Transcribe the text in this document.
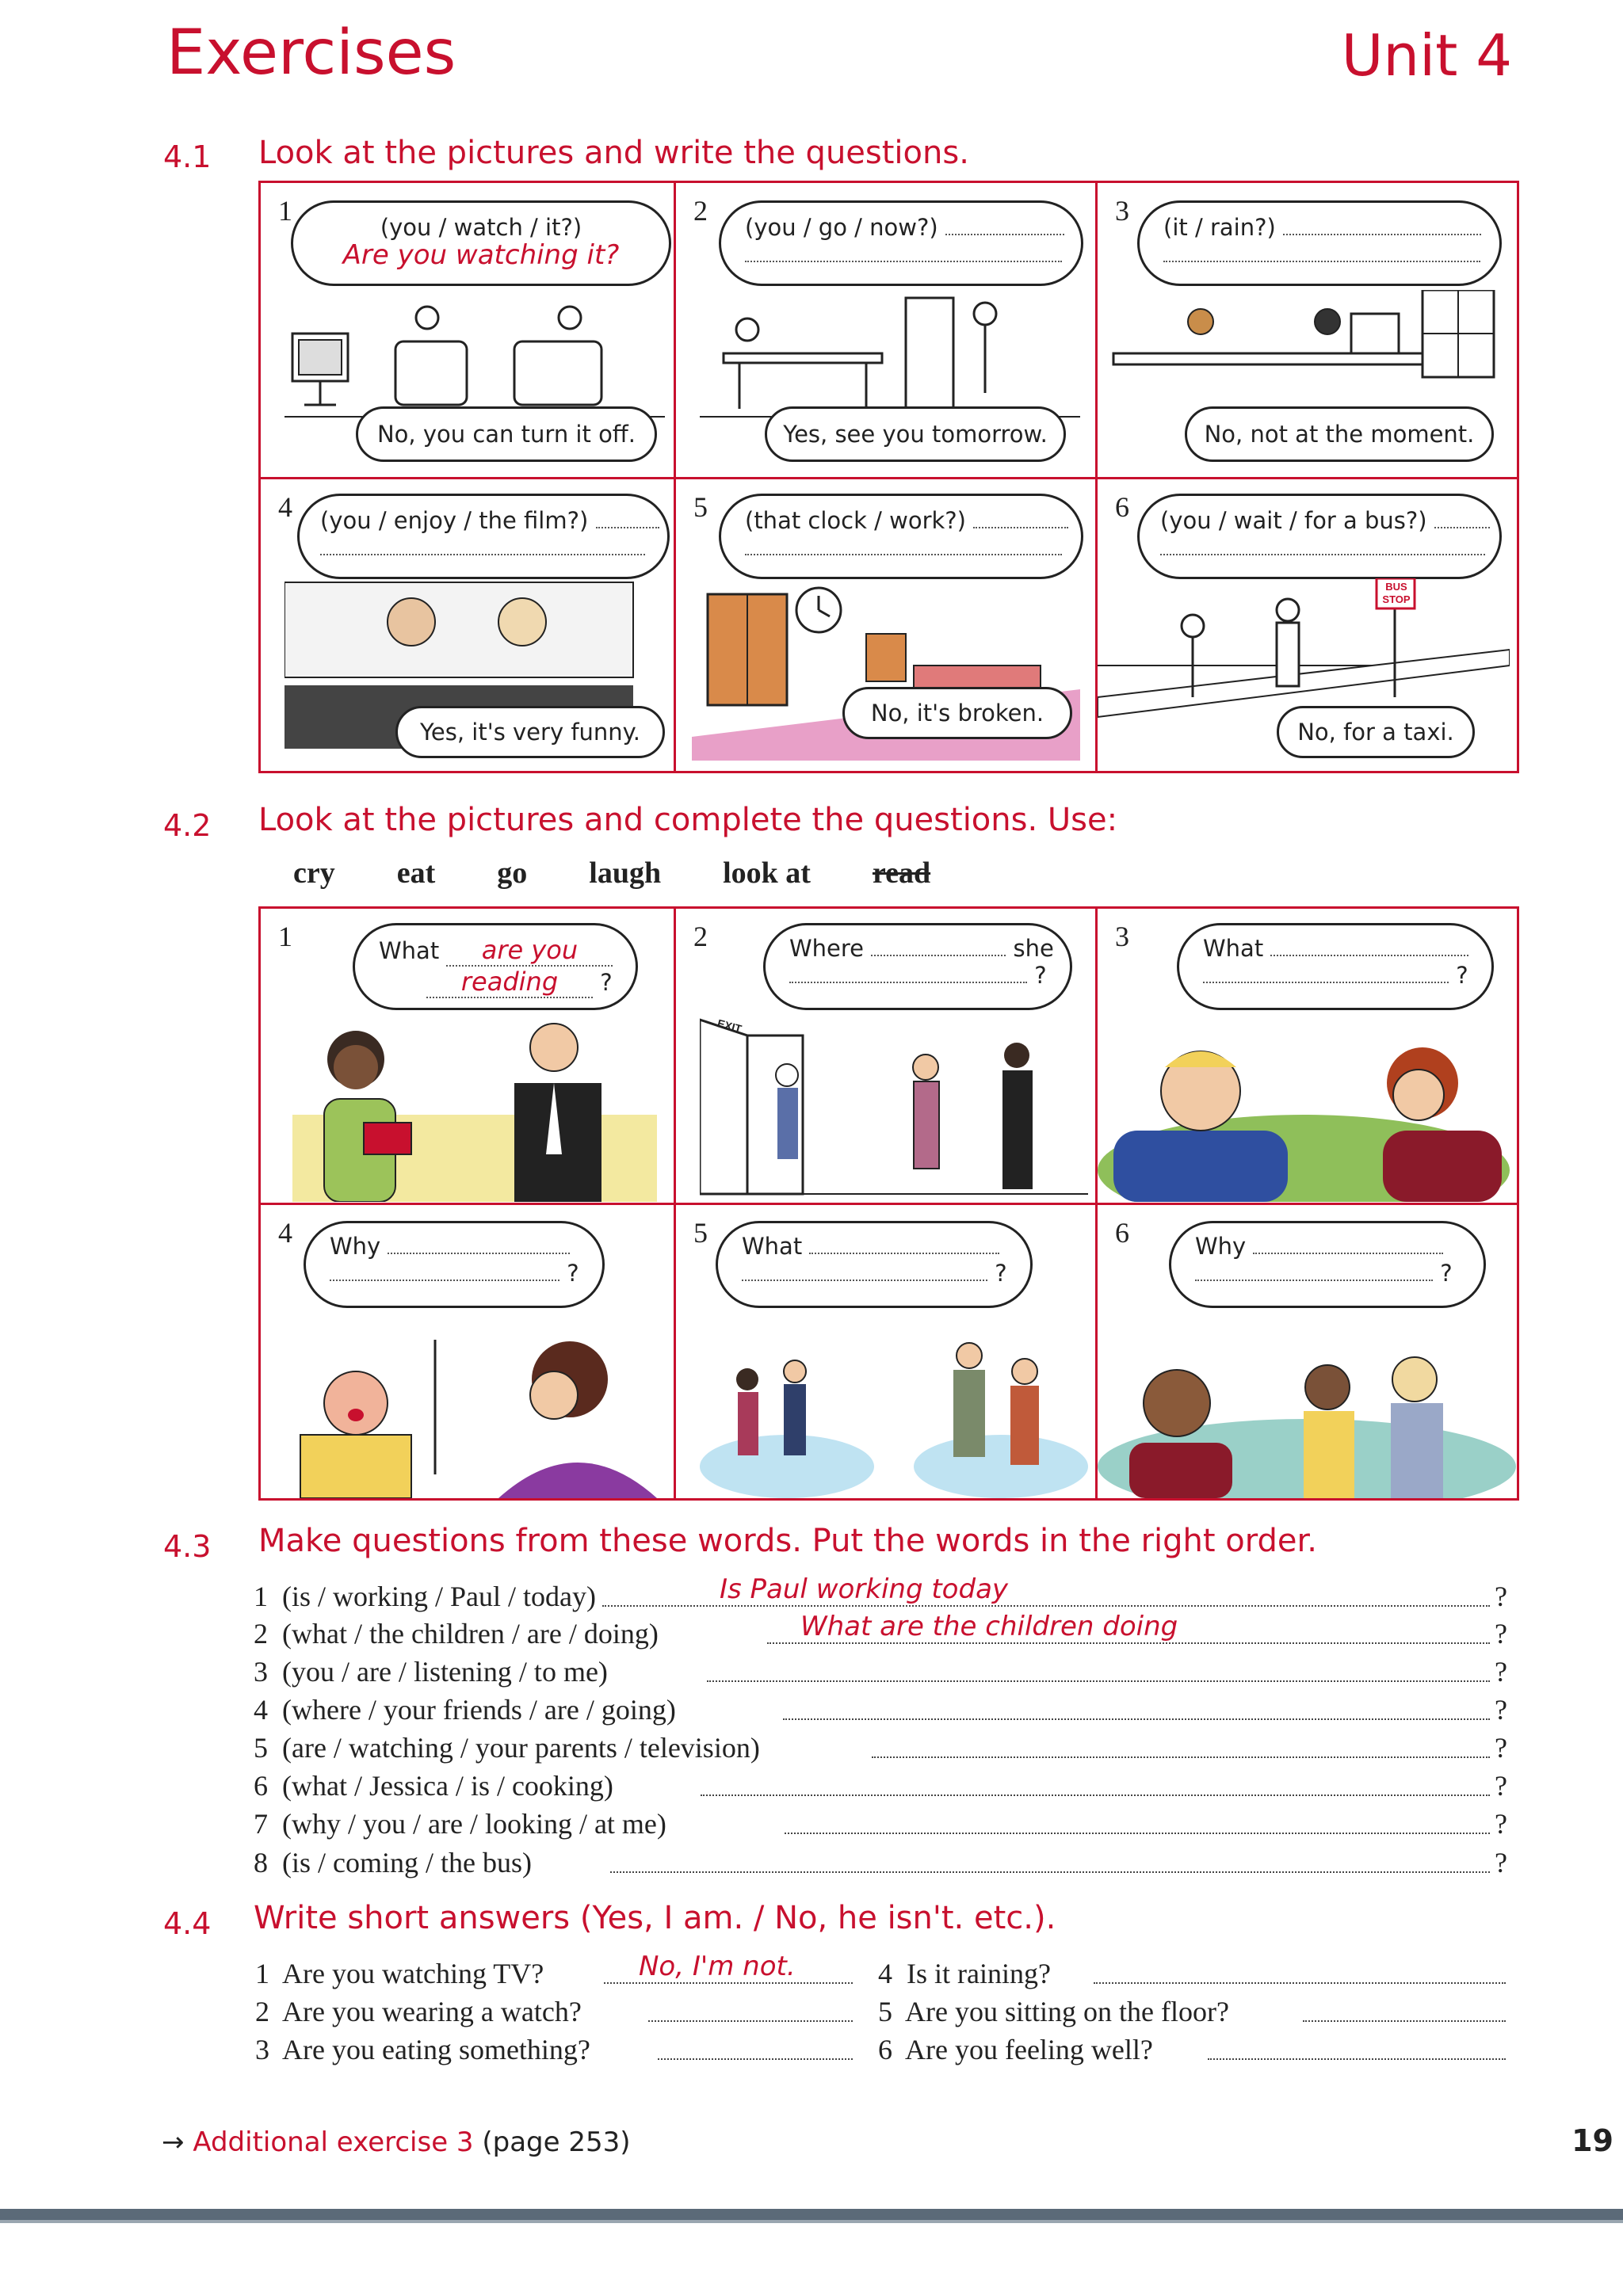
Exercises	Unit 4
4.1 Look at the pictures and write the questions.
1
(you / watch / it?)
Are you watching it?
No, you can turn it off.
2
(you / go / now?)

Yes, see you tomorrow.
3
(it / rain?)

No, not at the moment.
4	(you / enjoy / the film?)

Yes, it's very funny.
5	(that clock / work?)

No, it's broken.
6	(you / wait / for a bus?)

BUS STOP
No, for a taxi.
4.2 Look at the pictures and complete the questions. Use:
cry eat go laugh look at read
1	What are you
reading ?
2	Where	she
?
EXIT
3	What
?
4	Why
?
5	What
?
6	Why
?
4.3 Make questions from these words. Put the words in the right order.
1 (is / working / Paul / today)	Is Paul working today	?
2 (what / the children / are / doing)	What are the children doing	?
3 (you / are / listening / to me)	?
4 (where / your friends / are / going)	?
5 (are / watching / your parents / television)	?
6 (what / Jessica / is / cooking)	?
7 (why / you / are / looking / at me)	?
8 (is / coming / the bus)	?
4.4 Write short answers (Yes, I am. / No, he isn't. etc.).
1 Are you watching TV?	No, I'm not.
2 Are you wearing a watch?
3 Are you eating something?
4 Is it raining?
5 Are you sitting on the floor?
6 Are you feeling well?
→ Additional exercise 3 (page 253)	19
